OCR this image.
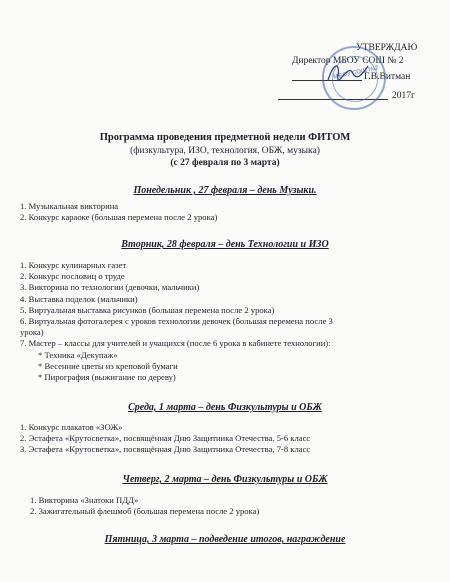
УТВЕРЖДАЮ
Директор МБОУ СОШ № 2
Г.В.Витман
2017г
МБОУ СОШ №2
Программа проведения предметной недели ФИТОМ
(физкультура, ИЗО, технология, ОБЖ, музыка)
(с 27 февраля по 3 марта)
Понедельник , 27 февраля – день Музыки.
1. Музыкальная викторина
2. Конкурс караоке (большая перемена после 2 урока)
Вторник, 28 февраля – день Технологии и ИЗО
1. Конкурс кулинарных газет
2. Конкурс пословиц о труде
3. Викторина по технологии (девочки, мальчики)
4. Выставка поделок (мальчики)
5. Виртуальная выставка рисунков (большая перемена после 2 урока)
6. Виртуальная фотогалерея с уроков технологии девочек (большая перемена после 3
урока)
7. Мастер – классы для учителей и учащихся (после 6 урока в кабинете технологии):
* Техника «Декупаж»
* Весенние цветы из креповой бумаги
* Пирография (выжигание по дереву)
Среда, 1 марта – день Физкультуры и ОБЖ
1. Конкурс плакатов «ЗОЖ»
2. Эстафета «Крутосветка», посвящённая Дню Защитника Отечества. 5-6 класс
3. Эстафета «Крутосветка», посвящённая Дню Защитника Отечества, 7-8 класс
Четверг, 2 марта – день Физкультуры и ОБЖ
1. Викторина «Знатоки ПДД»
2. Зажигательный флешмоб (большая перемена после 2 урока)
Пятница, 3 марта – подведение итогов, награждение
